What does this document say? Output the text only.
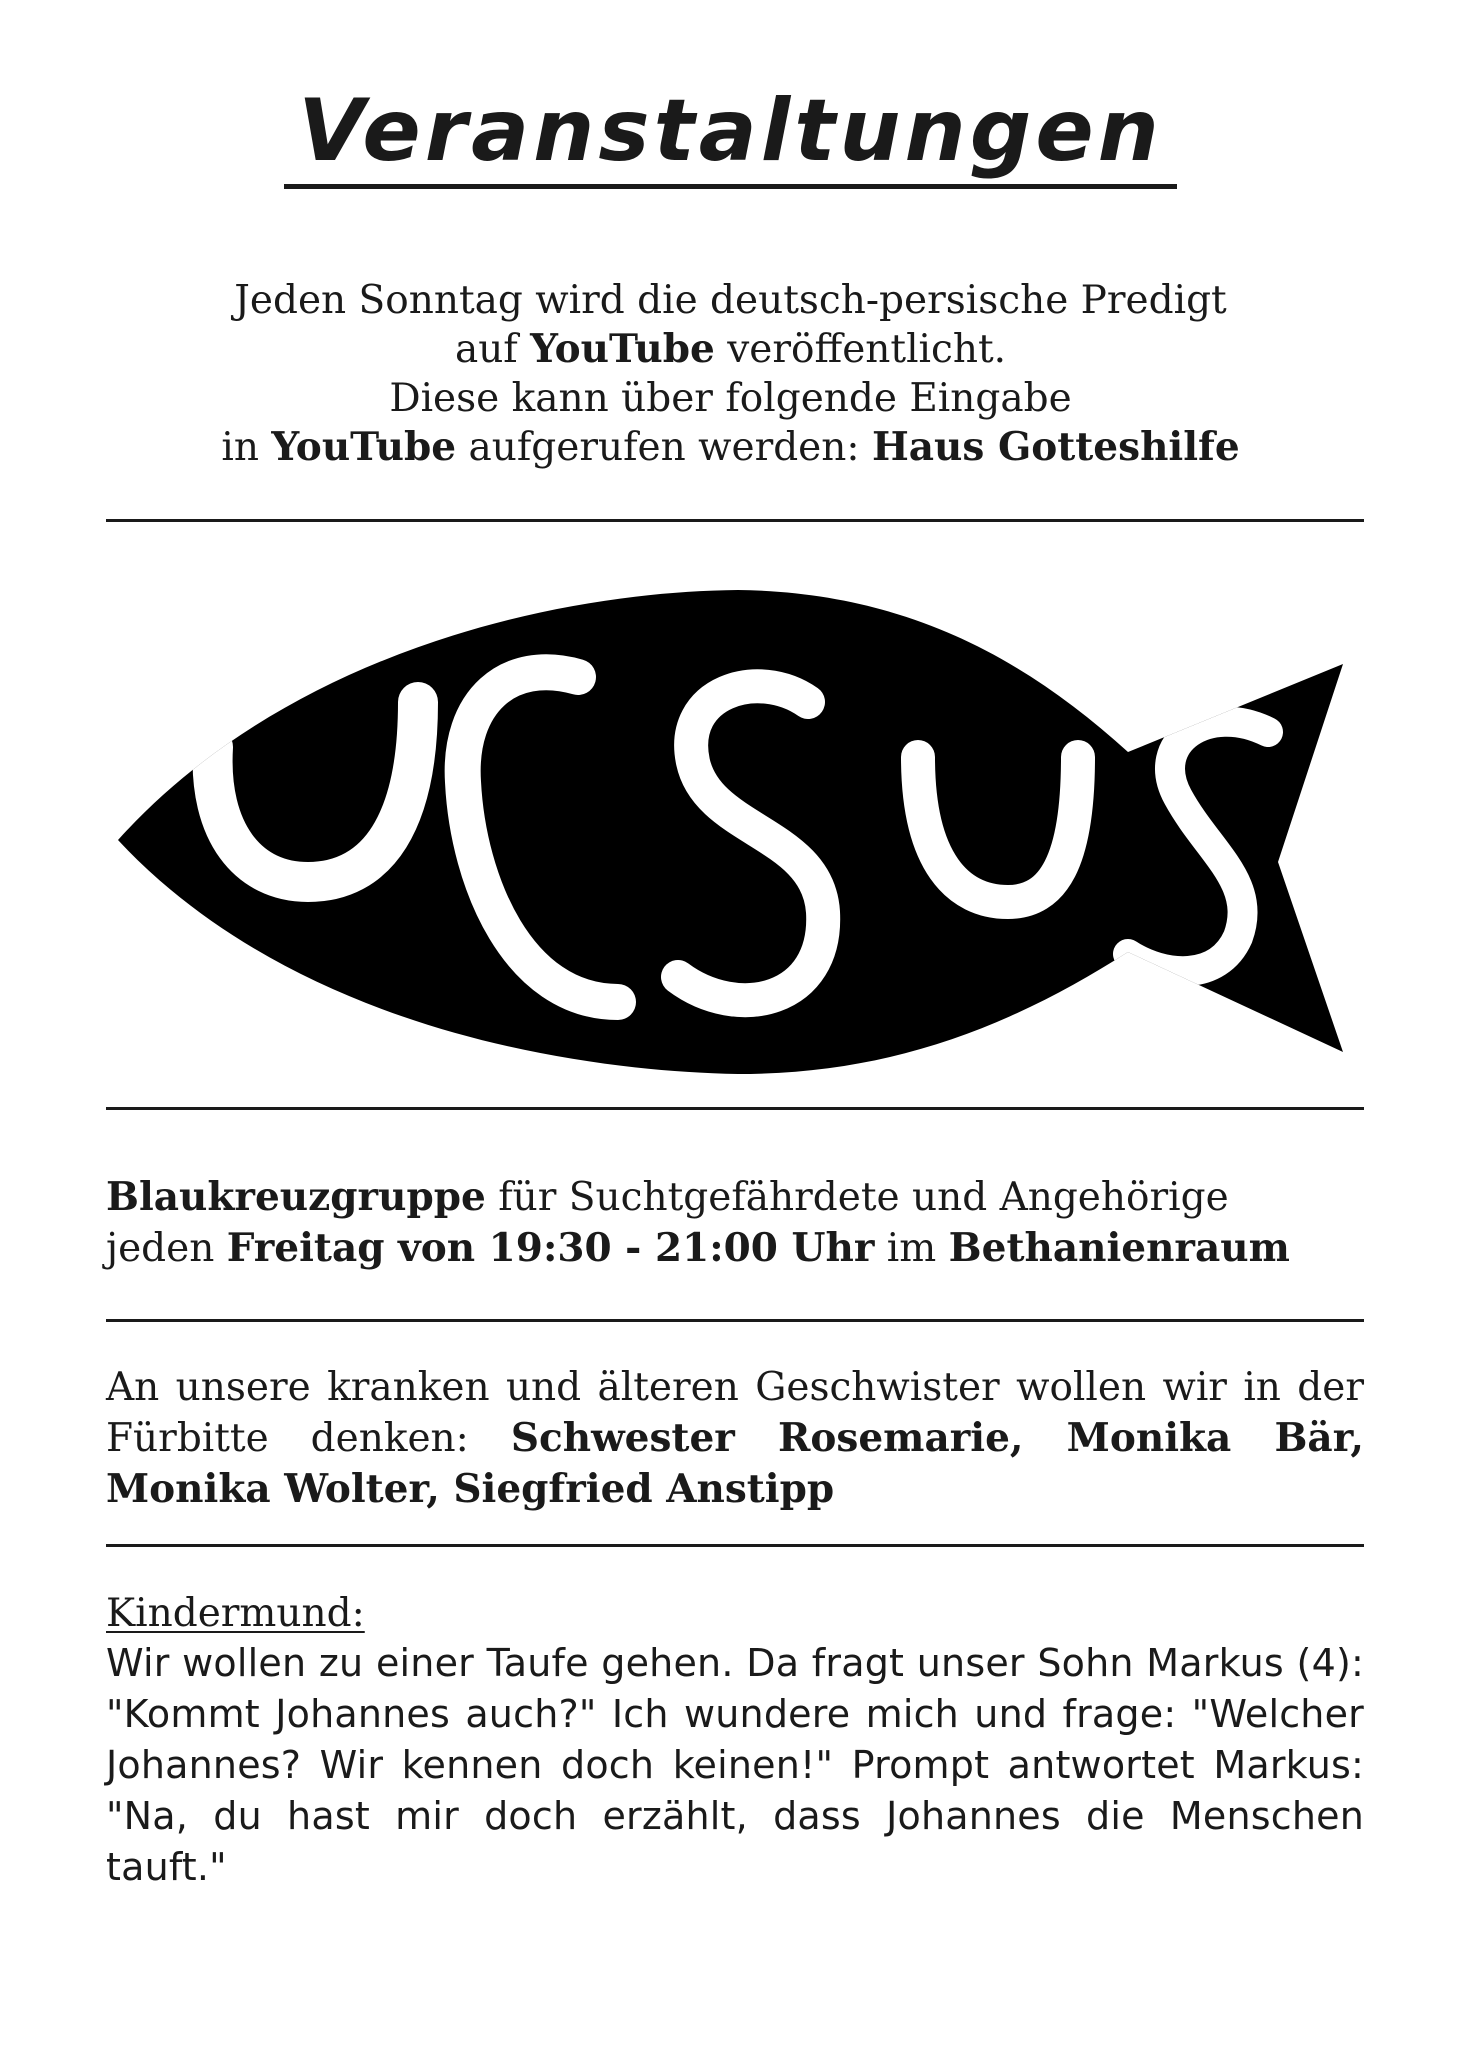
Veranstaltungen
Jeden Sonntag wird die deutsch-persische Predigt
auf YouTube veröffentlicht.
Diese kann über folgende Eingabe
in YouTube aufgerufen werden: Haus Gotteshilfe

Blaukreuzgruppe für Suchtgefährdete und Angehörige

jeden Freitag von 19:30 - 21:00 Uhr im Bethanienraum

An unsere kranken und älteren Geschwister wollen wir in der Fürbitte denken: Schwester Rosemarie, Monika Bär, Monika Wolter, Siegfried Anstipp

Kindermund:

Wir wollen zu einer Taufe gehen. Da fragt unser Sohn Markus (4): "Kommt Johannes auch?" Ich wundere mich und frage: "Welcher Johannes? Wir kennen doch keinen!" Prompt antwortet Markus: "Na, du hast mir doch erzählt, dass Johannes die Menschen tauft."
